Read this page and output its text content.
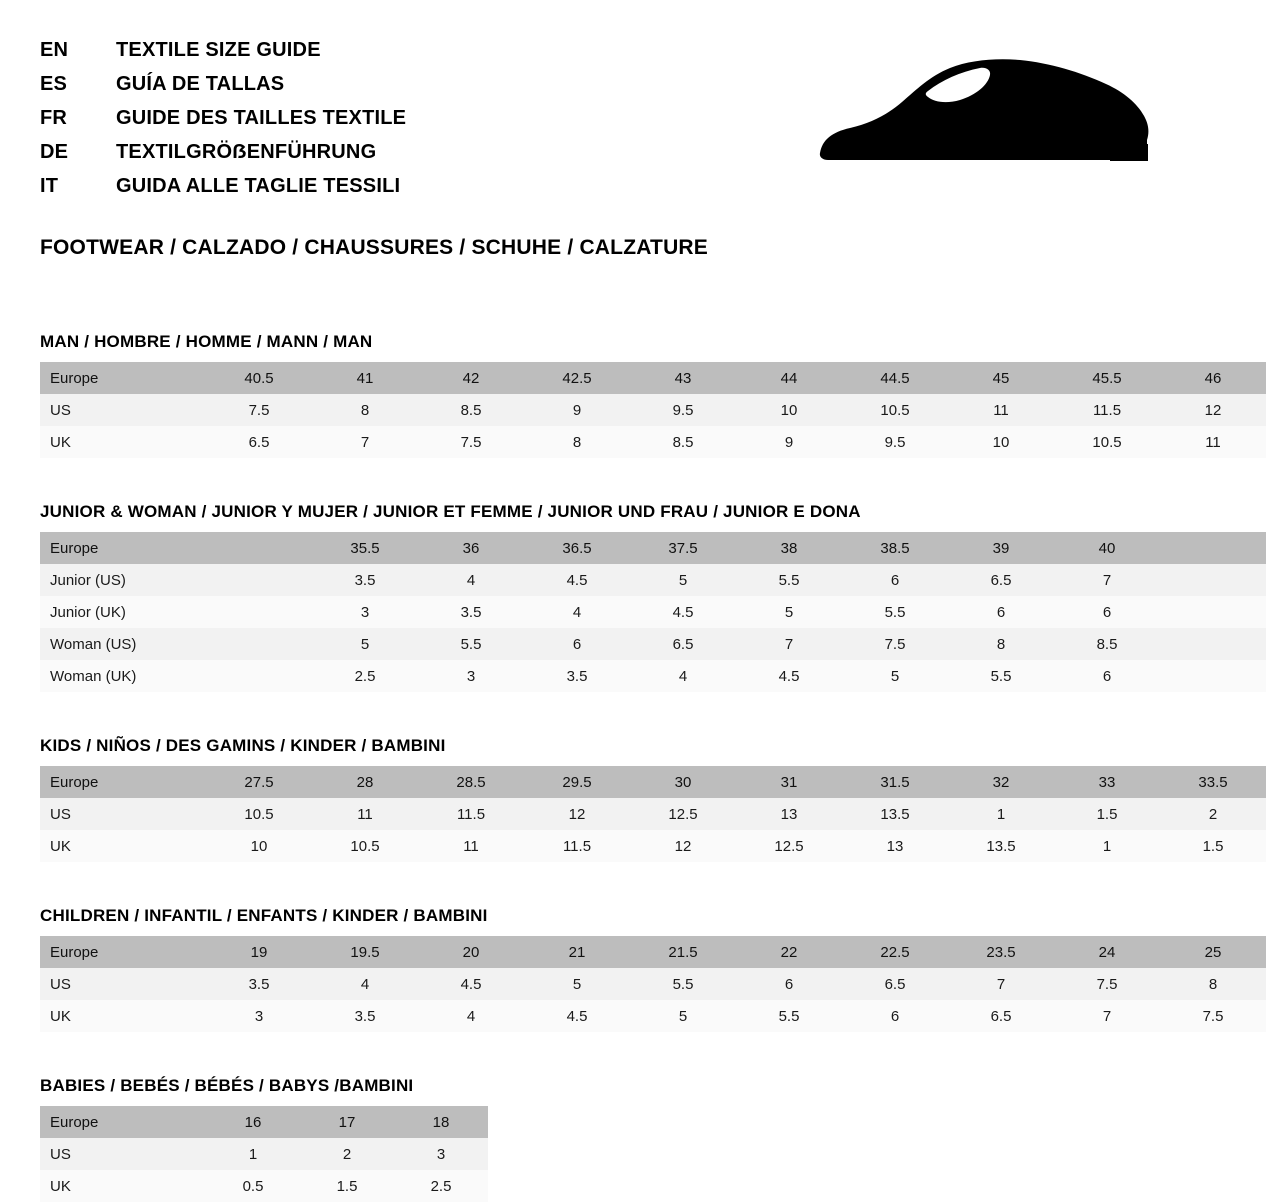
EN	TEXTILE SIZE GUIDE
ES	GUÍA DE TALLAS
FR	GUIDE DES TAILLES TEXTILE
DE	TEXTILGRÖẞENFÜHRUNG
IT	GUIDA ALLE TAGLIE TESSILI
FOOTWEAR / CALZADO / CHAUSSURES / SCHUHE / CALZATURE
MAN / HOMBRE / HOMME / MANN / MAN
Europe	40.5	41	42	42.5	43	44	44.5	45	45.5	46
US	7.5	8	8.5	9	9.5	10	10.5	11	11.5	12
UK	6.5	7	7.5	8	8.5	9	9.5	10	10.5	11
JUNIOR & WOMAN / JUNIOR Y MUJER / JUNIOR ET FEMME / JUNIOR UND FRAU / JUNIOR E DONA
Europe		35.5	36	36.5	37.5	38	38.5	39	40	
Junior (US)		3.5	4	4.5	5	5.5	6	6.5	7	
Junior (UK)		3	3.5	4	4.5	5	5.5	6	6	
Woman (US)		5	5.5	6	6.5	7	7.5	8	8.5	
Woman (UK)		2.5	3	3.5	4	4.5	5	5.5	6	
KIDS / NIÑOS / DES GAMINS / KINDER / BAMBINI
Europe	27.5	28	28.5	29.5	30	31	31.5	32	33	33.5
US	10.5	11	11.5	12	12.5	13	13.5	1	1.5	2
UK	10	10.5	11	11.5	12	12.5	13	13.5	1	1.5
CHILDREN / INFANTIL / ENFANTS / KINDER / BAMBINI
Europe	19	19.5	20	21	21.5	22	22.5	23.5	24	25
US	3.5	4	4.5	5	5.5	6	6.5	7	7.5	8
UK	3	3.5	4	4.5	5	5.5	6	6.5	7	7.5
BABIES / BEBÉS / BÉBÉS / BABYS /BAMBINI
Europe	16	17	18
US	1	2	3
UK	0.5	1.5	2.5
